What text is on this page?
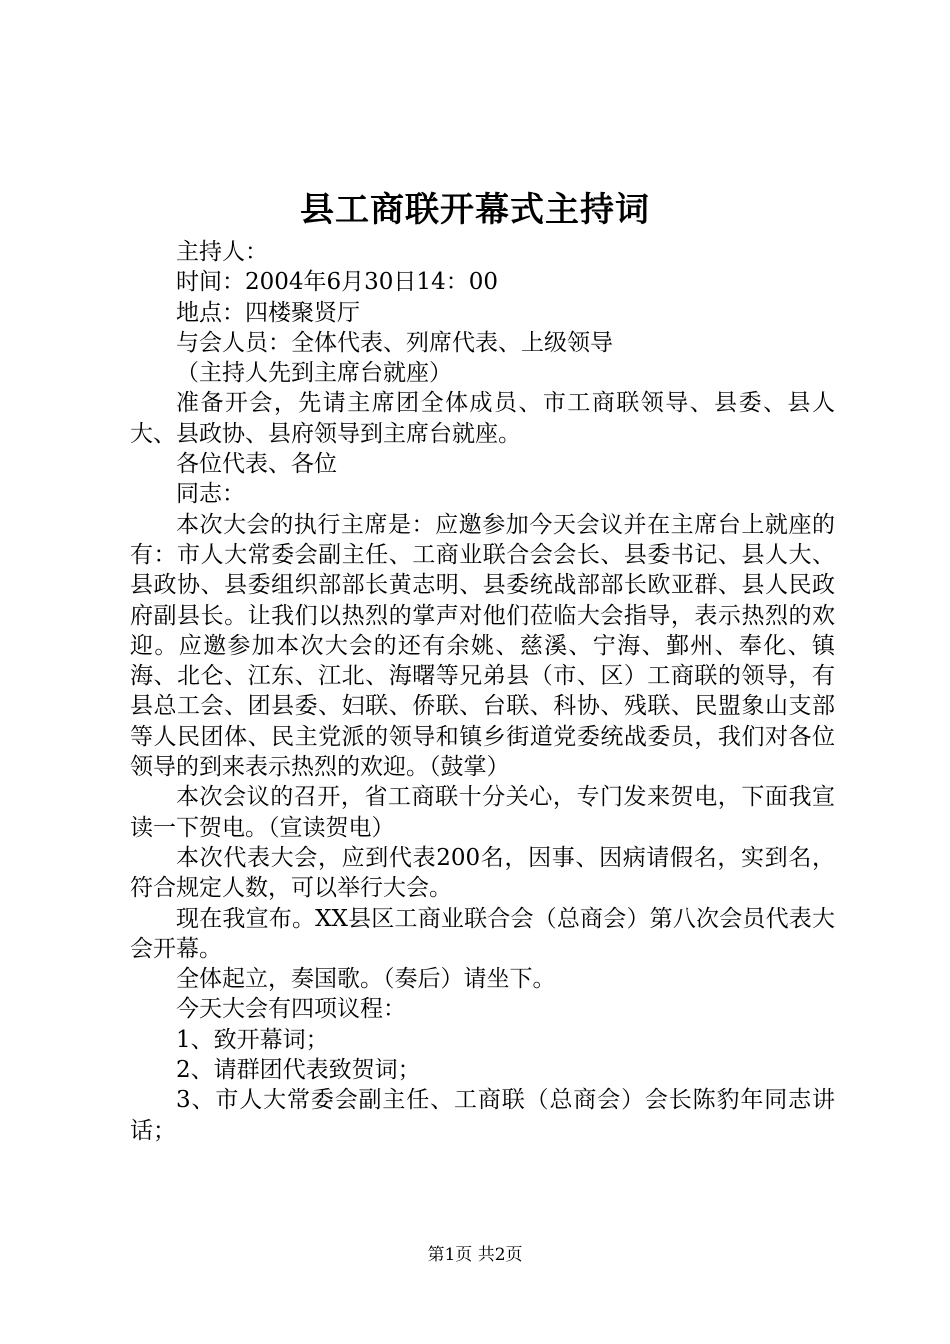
县工商联开幕式主持词

主持人：

时间：2004年6月30日14：00

地点：四楼聚贤厅

与会人员：全体代表、列席代表、上级领导

（主持人先到主席台就座）

准备开会，先请主席团全体成员、市工商联领导、县委、县人大、县政协、县府领导到主席台就座。

各位代表、各位

同志：

本次大会的执行主席是：应邀参加今天会议并在主席台上就座的有：市人大常委会副主任、工商业联合会会长、县委书记、县人大、县政协、县委组织部部长黄志明、县委统战部部长欧亚群、县人民政府副县长。让我们以热烈的掌声对他们莅临大会指导，表示热烈的欢迎。应邀参加本次大会的还有余姚、慈溪、宁海、鄞州、奉化、镇海、北仑、江东、江北、海曙等兄弟县（市、区）工商联的领导，有县总工会、团县委、妇联、侨联、台联、科协、残联、民盟象山支部等人民团体、民主党派的领导和镇乡街道党委统战委员，我们对各位领导的到来表示热烈的欢迎。（鼓掌）

本次会议的召开，省工商联十分关心，专门发来贺电，下面我宣读一下贺电。（宣读贺电）

本次代表大会，应到代表200名，因事、因病请假名，实到名，符合规定人数，可以举行大会。

现在我宣布。XX县区工商业联合会（总商会）第八次会员代表大会开幕。

全体起立，奏国歌。（奏后）请坐下。

今天大会有四项议程：

1、致开幕词；

2、请群团代表致贺词；

3、市人大常委会副主任、工商联（总商会）会长陈豹年同志讲话；

第1页 共2页
